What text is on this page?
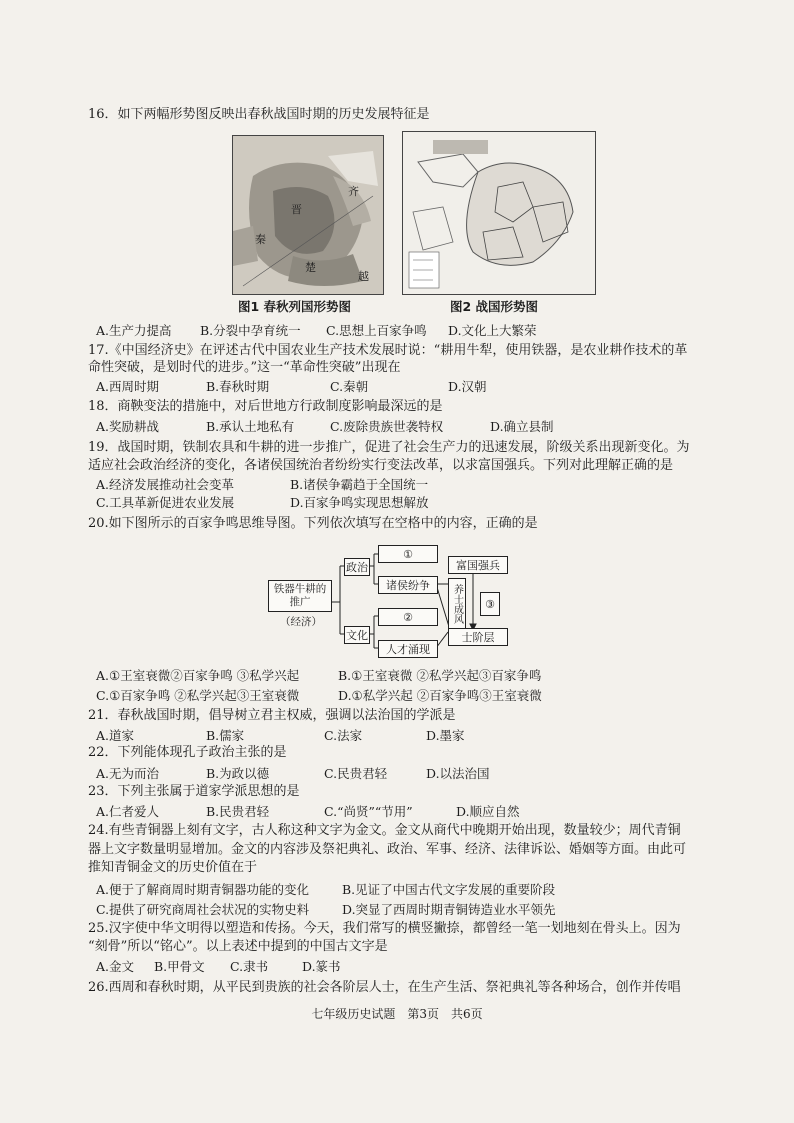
16．如下两幅形势图反映出春秋战国时期的历史发展特征是
齐
晋
秦
楚
越
图1 春秋列国形势图	图2 战国形势图
A.生产力提高 B.分裂中孕育统一 C.思想上百家争鸣 D.文化上大繁荣
17.《中国经济史》在评述古代中国农业生产技术发展时说：“耕用牛犁，使用铁器，是农业耕作技术的革
命性突破，是划时代的进步。”这一“革命性突破”出现在
A.西周时期	B.春秋时期	C.秦朝	D.汉朝
18．商鞅变法的措施中，对后世地方行政制度影响最深远的是
A.奖励耕战	B.承认土地私有	C.废除贵族世袭特权	D.确立县制
19．战国时期，铁制农具和牛耕的进一步推广，促进了社会生产力的迅速发展，阶级关系出现新变化。为
适应社会政治经济的变化，各诸侯国统治者纷纷实行变法改革，以求富国强兵。下列对此理解正确的是
A.经济发展推动社会变革	B.诸侯争霸趋于全国统一
C.工具革新促进农业发展	D.百家争鸣实现思想解放
20.如下图所示的百家争鸣思维导图。下列依次填写在空格中的内容，正确的是
铁器牛耕的推广
（经济）
政治
文化
①
诸侯纷争
②
人才涌现
富国强兵
养士成风	③
士阶层
A.①王室衰微②百家争鸣 ③私学兴起	B.①王室衰微 ②私学兴起③百家争鸣
C.①百家争鸣 ②私学兴起③王室衰微	D.①私学兴起 ②百家争鸣③王室衰微
21．春秋战国时期，倡导树立君主权威，强调以法治国的学派是
A.道家	B.儒家	C.法家	D.墨家
22．下列能体现孔子政治主张的是
A.无为而治	B.为政以德	C.民贵君轻	D.以法治国
23．下列主张属于道家学派思想的是
A.仁者爱人	B.民贵君轻	C.“尚贤”“节用”	D.顺应自然
24.有些青铜器上刻有文字，古人称这种文字为金文。金文从商代中晚期开始出现，数量较少；周代青铜
器上文字数量明显增加。金文的内容涉及祭祀典礼、政治、军事、经济、法律诉讼、婚姻等方面。由此可
推知青铜金文的历史价值在于
A.便于了解商周时期青铜器功能的变化	B.见证了中国古代文字发展的重要阶段
C.提供了研究商周社会状况的实物史料	D.突显了西周时期青铜铸造业水平领先
25.汉字使中华文明得以塑造和传扬。今天，我们常写的横竖撇捺，都曾经一笔一划地刻在骨头上。因为
“刻骨”所以“铭心”。以上表述中提到的中国古文字是
A.金文 B.甲骨文 C.隶书	D.篆书
26.西周和春秋时期，从平民到贵族的社会各阶层人士，在生产生活、祭祀典礼等各种场合，创作并传唱
七年级历史试题　第3页　共6页
